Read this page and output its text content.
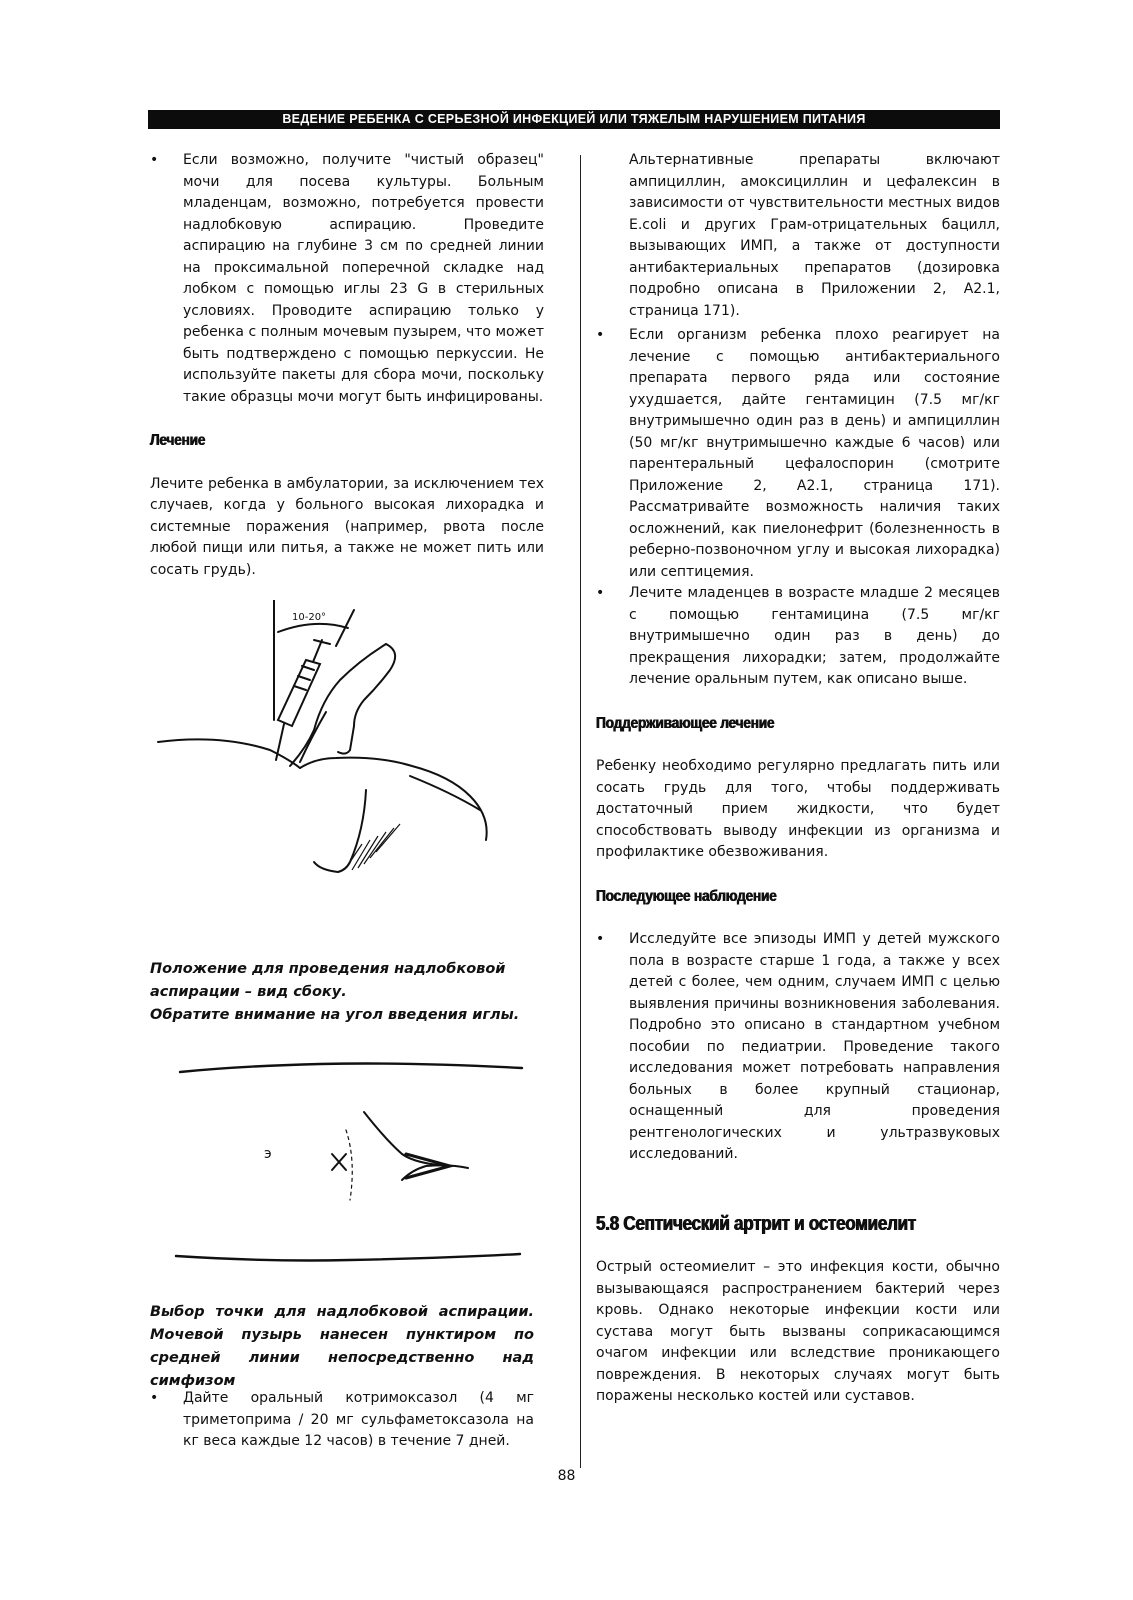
ВЕДЕНИЕ РЕБЕНКА С СЕРЬЕЗНОЙ ИНФЕКЦИЕЙ ИЛИ ТЯЖЕЛЫМ НАРУШЕНИЕМ ПИТАНИЯ
• Если возможно, получите "чистый образец" мочи для посева культуры. Больным младенцам, возможно, потребуется провести надлобковую аспирацию. Проведите аспирацию на глубине 3 см по средней линии на проксимальной поперечной складке над лобком с помощью иглы 23 G в стерильных условиях. Проводите аспирацию только у ребенка с полным мочевым пузырем, что может быть подтверждено с помощью перкуссии. Не используйте пакеты для сбора мочи, поскольку такие образцы мочи могут быть инфицированы.
Лечение

Лечите ребенка в амбулатории, за исключением тех случаев, когда у больного высокая лихорадка и системные поражения (например, рвота после любой пищи или питья, а также не может пить или сосать грудь).

10-20°
Положение для проведения надлобковой аспирации – вид сбоку.
Обратите внимание на угол введения иглы.
э
Выбор точки для надлобковой аспирации. Мочевой пузырь нанесен пунктиром по средней линии непосредственно над симфизом
• Дайте оральный котримоксазол (4 мг триметоприма / 20 мг сульфаметоксазола на кг веса каждые 12 часов) в течение 7 дней.

Альтернативные препараты включают ампициллин, амоксициллин и цефалексин в зависимости от чувствительности местных видов E.coli и других Грам-отрицательных бацилл, вызывающих ИМП, а также от доступности антибактериальных препаратов (дозировка подробно описана в Приложении 2, А2.1, страница 171).

• Если организм ребенка плохо реагирует на лечение с помощью антибактериального препарата первого ряда или состояние ухудшается, дайте гентамицин (7.5 мг/кг внутримышечно один раз в день) и ампициллин (50 мг/кг внутримышечно каждые 6 часов) или парентеральный цефалоспорин (смотрите Приложение 2, А2.1, страница 171). Рассматривайте возможность наличия таких осложнений, как пиелонефрит (болезненность в реберно-позвоночном углу и высокая лихорадка) или септицемия.
• Лечите младенцев в возрасте младше 2 месяцев с помощью гентамицина (7.5 мг/кг внутримышечно один раз в день) до прекращения лихорадки; затем, продолжайте лечение оральным путем, как описано выше.
Поддерживающее лечение

Ребенку необходимо регулярно предлагать пить или сосать грудь для того, чтобы поддерживать достаточный прием жидкости, что будет способствовать выводу инфекции из организма и профилактике обезвоживания.

Последующее наблюдение
• Исследуйте все эпизоды ИМП у детей мужского пола в возрасте старше 1 года, а также у всех детей с более, чем одним, случаем ИМП с целью выявления причины возникновения заболевания. Подробно это описано в стандартном учебном пособии по педиатрии. Проведение такого исследования может потребовать направления больных в более крупный стационар, оснащенный для проведения рентгенологических и ультразвуковых исследований.
5.8 Септический артрит и остеомиелит

Острый остеомиелит – это инфекция кости, обычно вызывающаяся распространением бактерий через кровь. Однако некоторые инфекции кости или сустава могут быть вызваны соприкасающимся очагом инфекции или вследствие проникающего повреждения. В некоторых случаях могут быть поражены несколько костей или суставов.

88
